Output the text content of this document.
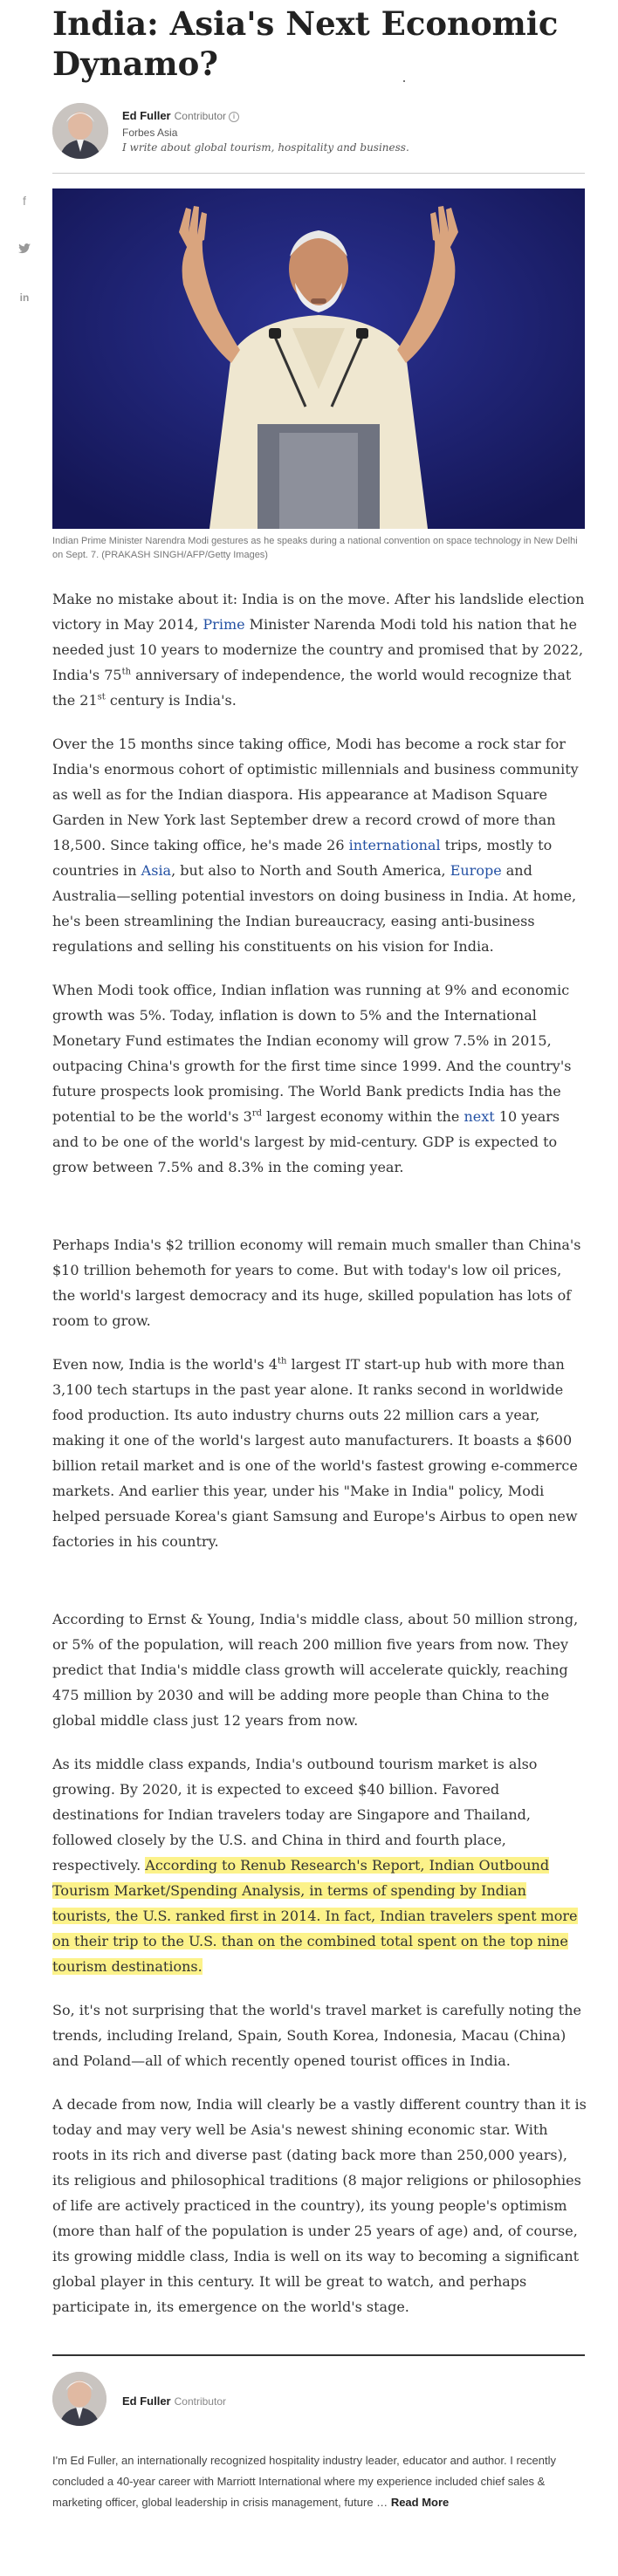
India: Asia's Next Economic Dynamo?
Ed Fuller Contributor i
Forbes Asia
I write about global tourism, hospitality and business.
f
in
Indian Prime Minister Narendra Modi gestures as he speaks during a national convention on space technology in New Delhi on Sept. 7. (PRAKASH SINGH/AFP/Getty Images)

Make no mistake about it: India is on the move. After his landslide election victory in May 2014, Prime Minister Narenda Modi told his nation that he needed just 10 years to modernize the country and promised that by 2022, India's 75th anniversary of independence, the world would recognize that the 21st century is India's.

Over the 15 months since taking office, Modi has become a rock star for India's enormous cohort of optimistic millennials and business community as well as for the Indian diaspora. His appearance at Madison Square Garden in New York last September drew a record crowd of more than 18,500. Since taking office, he's made 26 international trips, mostly to countries in Asia, but also to North and South America, Europe and Australia—selling potential investors on doing business in India. At home, he's been streamlining the Indian bureaucracy, easing anti-business regulations and selling his constituents on his vision for India.

When Modi took office, Indian inflation was running at 9% and economic growth was 5%. Today, inflation is down to 5% and the International Monetary Fund estimates the Indian economy will grow 7.5% in 2015, outpacing China's growth for the first time since 1999. And the country's future prospects look promising. The World Bank predicts India has the potential to be the world's 3rd largest economy within the next 10 years and to be one of the world's largest by mid-century. GDP is expected to grow between 7.5% and 8.3% in the coming year.

Perhaps India's $2 trillion economy will remain much smaller than China's $10 trillion behemoth for years to come. But with today's low oil prices, the world's largest democracy and its huge, skilled population has lots of room to grow.

Even now, India is the world's 4th largest IT start-up hub with more than 3,100 tech startups in the past year alone. It ranks second in worldwide food production. Its auto industry churns outs 22 million cars a year, making it one of the world's largest auto manufacturers. It boasts a $600 billion retail market and is one of the world's fastest growing e-commerce markets. And earlier this year, under his "Make in India" policy, Modi helped persuade Korea's giant Samsung and Europe's Airbus to open new factories in his country.

According to Ernst & Young, India's middle class, about 50 million strong, or 5% of the population, will reach 200 million five years from now. They predict that India's middle class growth will accelerate quickly, reaching 475 million by 2030 and will be adding more people than China to the global middle class just 12 years from now.

As its middle class expands, India's outbound tourism market is also growing. By 2020, it is expected to exceed $40 billion. Favored destinations for Indian travelers today are Singapore and Thailand, followed closely by the U.S. and China in third and fourth place, respectively. According to Renub Research's Report, Indian Outbound Tourism Market/Spending Analysis, in terms of spending by Indian tourists, the U.S. ranked first in 2014. In fact, Indian travelers spent more on their trip to the U.S. than on the combined total spent on the top nine tourism destinations.

So, it's not surprising that the world's travel market is carefully noting the trends, including Ireland, Spain, South Korea, Indonesia, Macau (China) and Poland—all of which recently opened tourist offices in India.

A decade from now, India will clearly be a vastly different country than it is today and may very well be Asia's newest shining economic star. With roots in its rich and diverse past (dating back more than 250,000 years), its religious and philosophical traditions (8 major religions or philosophies of life are actively practiced in the country), its young people's optimism (more than half of the population is under 25 years of age) and, of course, its growing middle class, India is well on its way to becoming a significant global player in this century. It will be great to watch, and perhaps participate in, its emergence on the world's stage.

Ed Fuller Contributor
I'm Ed Fuller, an internationally recognized hospitality industry leader, educator and author. I recently concluded a 40-year career with Marriott International where my experience included chief sales & marketing officer, global leadership in crisis management, future … Read More
